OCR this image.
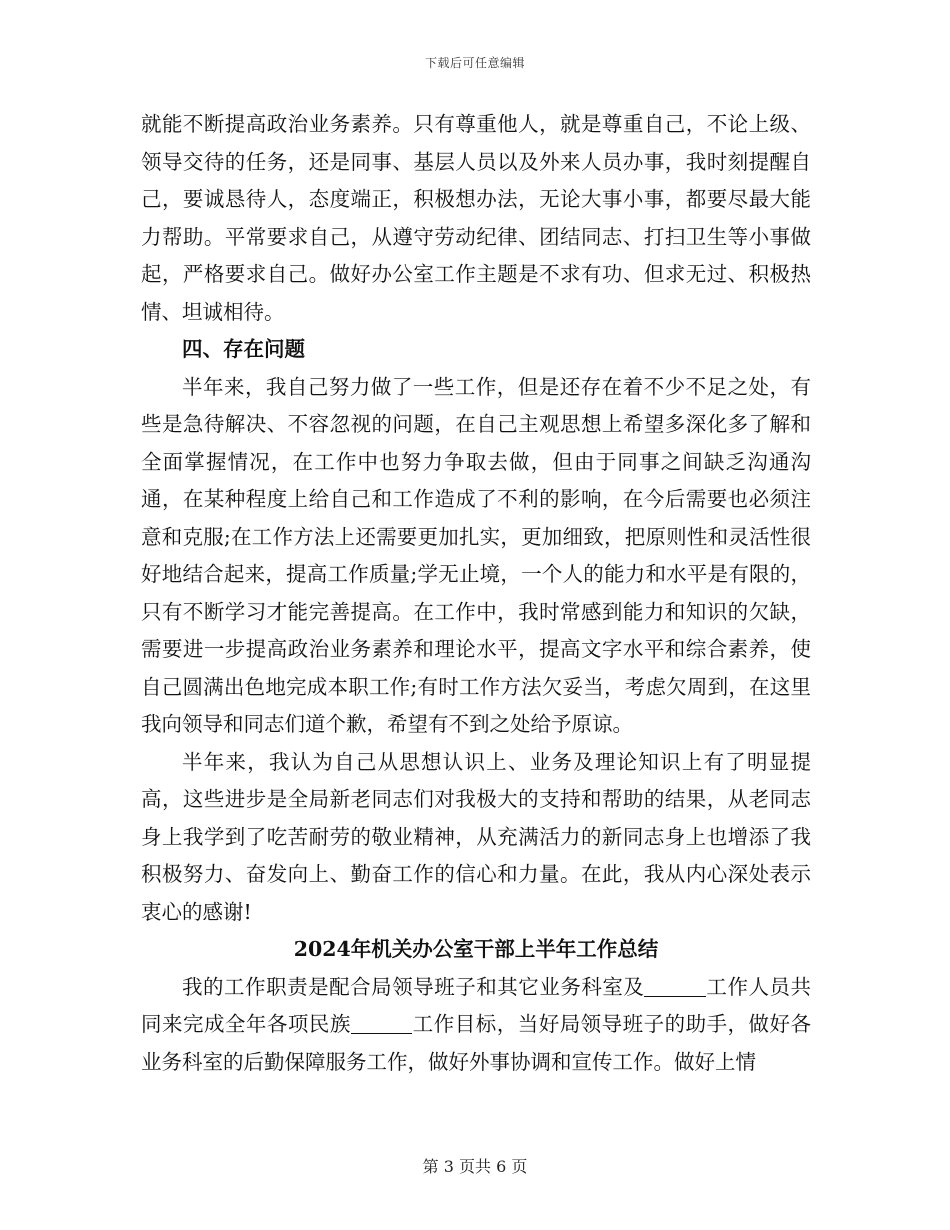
下载后可任意编辑

就能不断提高政治业务素养。只有尊重他人，就是尊重自己，不论上级、领导交待的任务，还是同事、基层人员以及外来人员办事，我时刻提醒自己，要诚恳待人，态度端正，积极想办法，无论大事小事，都要尽最大能力帮助。平常要求自己，从遵守劳动纪律、团结同志、打扫卫生等小事做起，严格要求自己。做好办公室工作主题是不求有功、但求无过、积极热情、坦诚相待。

四、存在问题

半年来，我自己努力做了一些工作，但是还存在着不少不足之处，有些是急待解决、不容忽视的问题，在自己主观思想上希望多深化多了解和全面掌握情况，在工作中也努力争取去做，但由于同事之间缺乏沟通沟通，在某种程度上给自己和工作造成了不利的影响，在今后需要也必须注意和克服;在工作方法上还需要更加扎实，更加细致，把原则性和灵活性很好地结合起来，提高工作质量;学无止境，一个人的能力和水平是有限的，只有不断学习才能完善提高。在工作中，我时常感到能力和知识的欠缺，需要进一步提高政治业务素养和理论水平，提高文字水平和综合素养，使自己圆满出色地完成本职工作;有时工作方法欠妥当，考虑欠周到，在这里我向领导和同志们道个歉，希望有不到之处给予原谅。

半年来，我认为自己从思想认识上、业务及理论知识上有了明显提高，这些进步是全局新老同志们对我极大的支持和帮助的结果，从老同志身上我学到了吃苦耐劳的敬业精神，从充满活力的新同志身上也增添了我积极努力、奋发向上、勤奋工作的信心和力量。在此，我从内心深处表示衷心的感谢!

2024年机关办公室干部上半年工作总结

我的工作职责是配合局领导班子和其它业务科室及	工作人员共同来完成全年各项民族	工作目标，当好局领导班子的助手，做好各业务科室的后勤保障服务工作，做好外事协调和宣传工作。做好上情

第 3 页共 6 页
